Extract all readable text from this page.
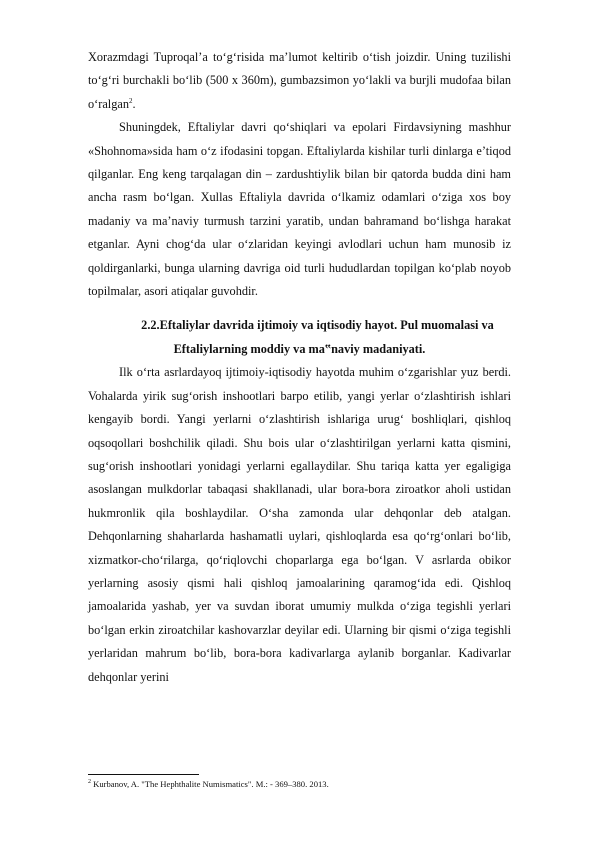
Xorazmdagi Tuproqal’a to‘g‘risida ma’lumot keltirib o‘tish joizdir. Uning tuzilishi to‘g‘ri burchakli bo‘lib (500 x 360m), gumbazsimon yo‘lakli va burjli mudofaa bilan o‘ralgan$^2$.

Shuningdek, Eftaliylar davri qo‘shiqlari va epolari Firdavsiyning mashhur «Shohnoma»sida ham o‘z ifodasini topgan. Eftaliylarda kishilar turli dinlarga e’tiqod qilganlar. Eng keng tarqalagan din – zardushtiylik bilan bir qatorda budda dini ham ancha rasm bo‘lgan. Xullas Eftaliyla davrida o‘lkamiz odamlari o‘ziga xos boy madaniy va ma’naviy turmush tarzini yaratib, undan bahramand bo‘lishga harakat etganlar. Ayni chog‘da ular o‘zlaridan keyingi avlodlari uchun ham munosib iz qoldirganlarki, bunga ularning davriga oid turli hududlardan topilgan ko‘plab noyob topilmalar, asori atiqalar guvohdir.

2.2.Eftaliylar davrida ijtimoiy va iqtisodiy hayot. Pul muomalasi va
Eftaliylarning moddiy va ma‟naviy madaniyati.

Ilk o‘rta asrlardayoq ijtimoiy-iqtisodiy hayotda muhim o‘zgarishlar yuz berdi. Vohalarda yirik sug‘orish inshootlari barpo etilib, yangi yerlar o‘zlashtirish ishlari kengayib bordi. Yangi yerlarni o‘zlashtirish ishlariga urug‘ boshliqlari, qishloq oqsoqollari boshchilik qiladi. Shu bois ular o‘zlashtirilgan yerlarni katta qismini, sug‘orish inshootlari yonidagi yerlarni egallaydilar. Shu tariqa katta yer egaligiga asoslangan mulkdorlar tabaqasi shakllanadi, ular bora-bora ziroatkor aholi ustidan hukmronlik qila boshlaydilar. O‘sha zamonda ular dehqonlar deb atalgan. Dehqonlarning shaharlarda hashamatli uylari, qishloqlarda esa qo‘rg‘onlari bo‘lib, xizmatkor-cho‘rilarga, qo‘riqlovchi choparlarga ega bo‘lgan. V asrlarda obikor yerlarning asosiy qismi hali qishloq jamoalarining qaramog‘ida edi. Qishloq jamoalarida yashab, yer va suvdan iborat umumiy mulkda o‘ziga tegishli yerlari bo‘lgan erkin ziroatchilar kashovarzlar deyilar edi. Ularning bir qismi o‘ziga tegishli yerlaridan mahrum bo‘lib, bora-bora kadivarlarga aylanib borganlar. Kadivarlar dehqonlar yerini

$^2$ Kurbanov, A. "The Hephthalite Numismatics". M.: - 369–380. 2013.
